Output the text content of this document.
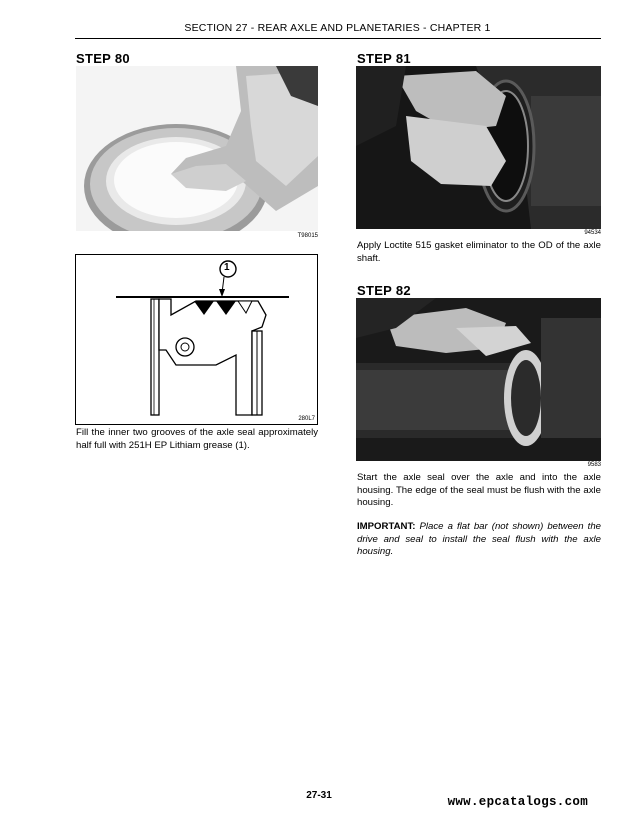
SECTION 27 - REAR AXLE AND PLANETARIES - CHAPTER 1
STEP 80
T98015
1
280L7
Fill the inner two grooves of the axle seal approximately half full with 251H EP Lithiam grease (1).
STEP 81
94534
Apply Loctite 515 gasket eliminator to the OD of the axle shaft.
STEP 82
9583
Start the axle seal over the axle and into the axle housing. The edge of the seal must be flush with the axle housing.
IMPORTANT: Place a flat bar (not shown) between the drive and seal to install the seal flush with the axle housing.
27-31	www.epcatalogs.com
